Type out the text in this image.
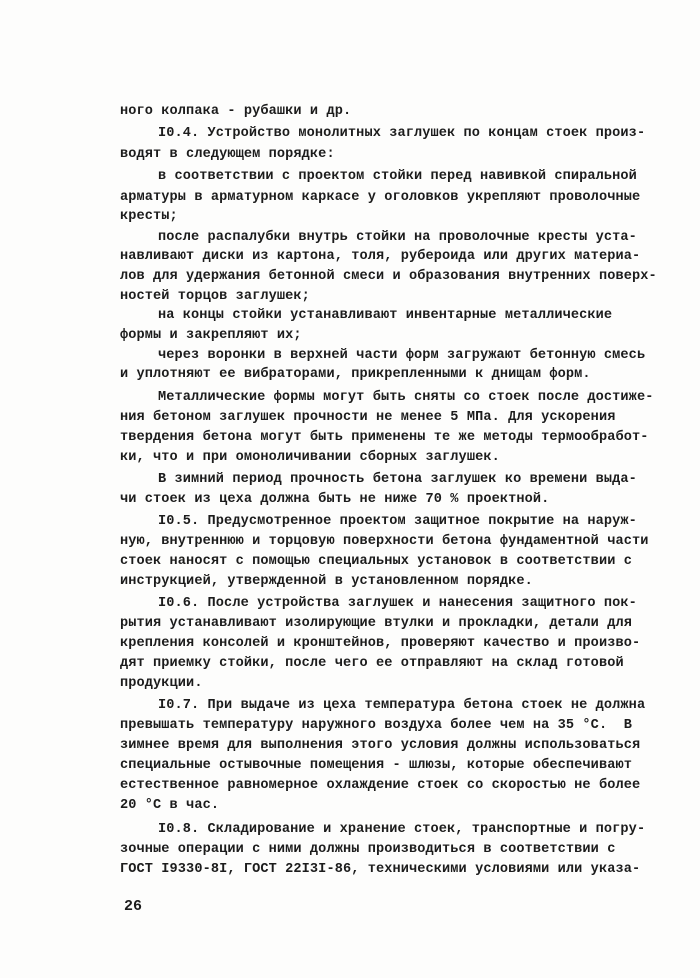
ного колпака - рубашки и др.
I0.4. Устройство монолитных заглушек по концам стоек произ-
водят в следующем порядке:
в соответствии с проектом стойки перед навивкой спиральной
арматуры в арматурном каркасе у оголовков укрепляют проволочные
кресты;
после распалубки внутрь стойки на проволочные кресты уста-
навливают диски из картона, толя, рубероида или других материа-
лов для удержания бетонной смеси и образования внутренних поверх-
ностей торцов заглушек;
на концы стойки устанавливают инвентарные металлические
формы и закрепляют их;
через воронки в верхней части форм загружают бетонную смесь
и уплотняют ее вибраторами, прикрепленными к днищам форм.
Металлические формы могут быть сняты со стоек после достиже-
ния бетоном заглушек прочности не менее 5 МПа. Для ускорения
твердения бетона могут быть применены те же методы термообработ-
ки, что и при омоноличивании сборных заглушек.
В зимний период прочность бетона заглушек ко времени выда-
чи стоек из цеха должна быть не ниже 70 % проектной.
I0.5. Предусмотренное проектом защитное покрытие на наруж-
ную, внутреннюю и торцовую поверхности бетона фундаментной части
стоек наносят с помощью специальных установок в соответствии с
инструкцией, утвержденной в установленном порядке.
I0.6. После устройства заглушек и нанесения защитного пок-
рытия устанавливают изолирующие втулки и прокладки, детали для
крепления консолей и кронштейнов, проверяют качество и произво-
дят приемку стойки, после чего ее отправляют на склад готовой
продукции.
I0.7. При выдаче из цеха температура бетона стоек не должна
превышать температуру наружного воздуха более чем на 35 °С.  В
зимнее время для выполнения этого условия должны использоваться
специальные остывочные помещения - шлюзы, которые обеспечивают
естественное равномерное охлаждение стоек со скоростью не более
20 °С в час.
I0.8. Складирование и хранение стоек, транспортные и погру-
зочные операции с ними должны производиться в соответствии с
ГОСТ I9330-8I, ГОСТ 22I3I-86, техническими условиями или указа-
26
